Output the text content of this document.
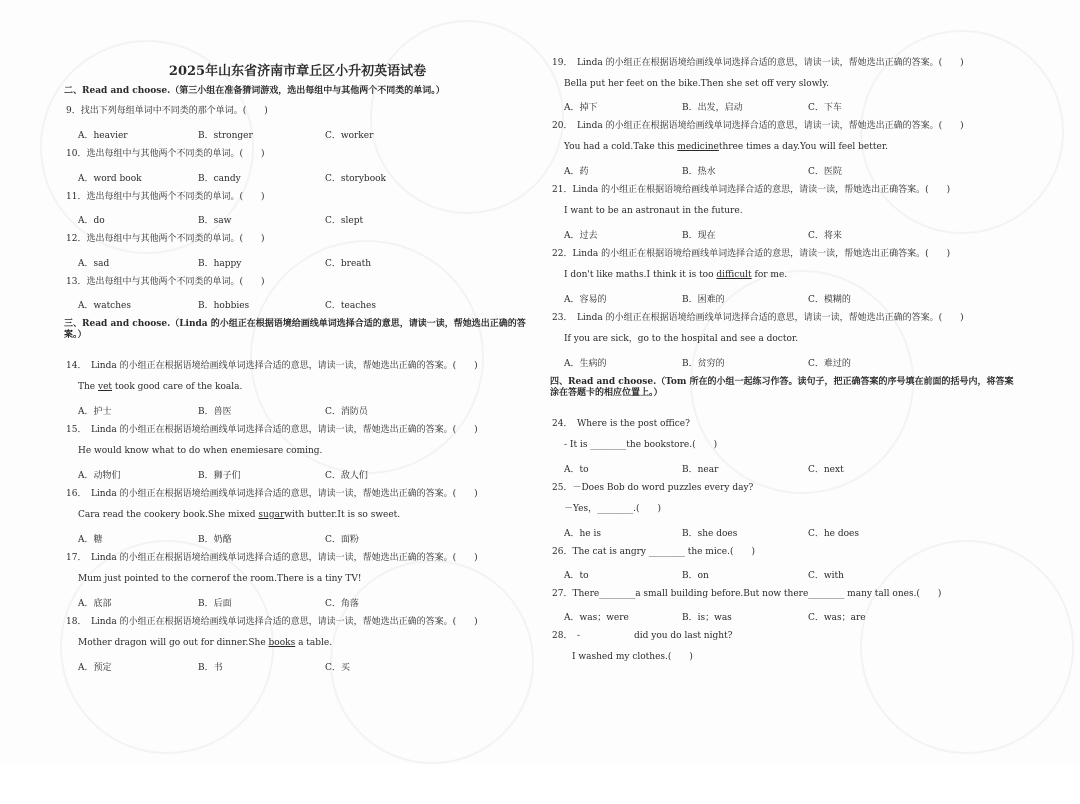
2025年山东省济南市章丘区小升初英语试卷
二、Read and choose.（第三小组在准备猜词游戏，选出每组中与其他两个不同类的单词。）
9．找出下列每组单词中不同类的那个单词。(　　)
A．heavier	B．stronger	C．worker
10．选出每组中与其他两个不同类的单词。(　　)
A．word book	B．candy	C．storybook
11．选出每组中与其他两个不同类的单词。(　　)
A．do	B．saw	C．slept
12．选出每组中与其他两个不同类的单词。(　　)
A．sad	B．happy	C．breath
13．选出每组中与其他两个不同类的单词。(　　)
A．watches	B．hobbies	C．teaches
三、Read and choose.（Linda 的小组正在根据语境给画线单词选择合适的意思，请读一读，帮她选出正确的答案。）
14．　Linda 的小组正在根据语境给画线单词选择合适的意思，请读一读，帮她选出正确的答案。(　　)
The vet took good care of the koala.
A．护士	B．兽医	C．消防员
15．　Linda 的小组正在根据语境给画线单词选择合适的意思，请读一读，帮她选出正确的答案。(　　)
He would know what to do when enemiesare coming.
A．动物们	B．狮子们	C．敌人们
16．　Linda 的小组正在根据语境给画线单词选择合适的意思，请读一读，帮她选出正确的答案。(　　)
Cara read the cookery book.She mixed sugarwith butter.It is so sweet.
A．糖	B．奶酪	C．面粉
17．　Linda 的小组正在根据语境给画线单词选择合适的意思，请读一读，帮她选出正确的答案。(　　)
Mum just pointed to the cornerof the room.There is a tiny TV!
A．底部	B．后面	C．角落
18．　Linda 的小组正在根据语境给画线单词选择合适的意思，请读一读，帮她选出正确的答案。(　　)
Mother dragon will go out for dinner.She books a table.
A．预定	B．书	C．买
19．　Linda 的小组正在根据语境给画线单词选择合适的意思，请读一读，帮她选出正确的答案。(　　)
Bella put her feet on the bike.Then she set off very slowly.
A．掉下	B．出发，启动	C．下车
20．　Linda 的小组正在根据语境给画线单词选择合适的意思，请读一读，帮她选出正确的答案。(　　)
You had a cold.Take this medicinethree times a day.You will feel better.
A．药	B．热水	C．医院
21．Linda 的小组正在根据语境给画线单词选择合适的意思，请读一读，帮她选出正确答案。(　　)
I want to be an astronaut in the future.
A．过去	B．现在	C．将来
22．Linda 的小组正在根据语境给画线单词选择合适的意思，请读一读，帮她选出正确答案。(　　)
I don't like maths.I think it is too difficult for me.
A．容易的	B．困难的	C．模糊的
23．　Linda 的小组正在根据语境给画线单词选择合适的意思，请读一读，帮她选出正确的答案。(　　)
If you are sick，go to the hospital and see a doctor.
A．生病的	B．贫穷的	C．难过的
四、Read and choose.（Tom 所在的小组一起练习作答。读句子，把正确答案的序号填在前面的括号内，将答案涂在答题卡的相应位置上。）
24．　Where is the post office?
- It is ________the bookstore.(　　)
A．to	B．near	C．next
25．－Does Bob do word puzzles every day?
－Yes，________.(　　)
A．he is	B．she does	C．he does
26．The cat is angry ________ the mice.(　　)
A．to	B．on	C．with
27．There________a small building before.But now there________ many tall ones.(　　)
A．was；were	B．is；was	C．was；are
28．　-　　　　　　did you do last night?
I washed my clothes.(　　)
